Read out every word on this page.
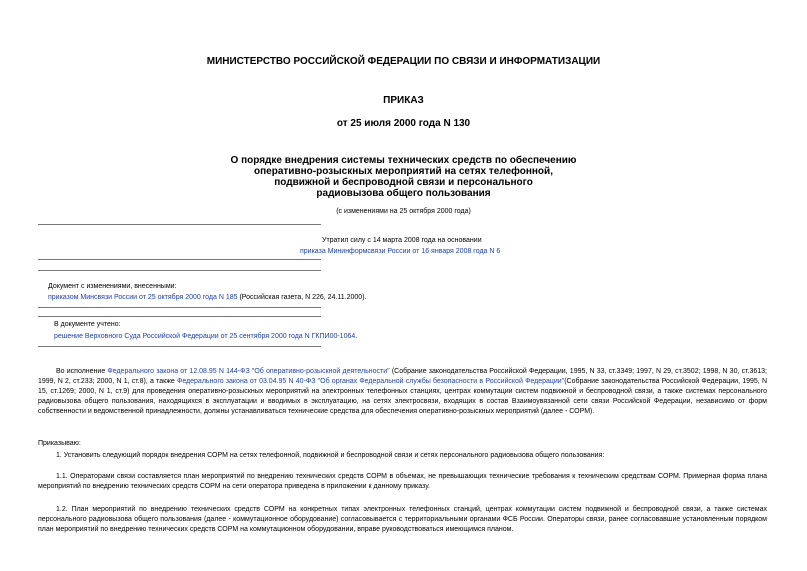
МИНИСТЕРСТВО РОССИЙСКОЙ ФЕДЕРАЦИИ ПО СВЯЗИ И ИНФОРМАТИЗАЦИИ
ПРИКАЗ
от 25 июля 2000 года N 130
О порядке внедрения системы технических средств по обеспечению
оперативно-розыскных мероприятий на сетях телефонной,
подвижной и беспроводной связи и персонального
радиовызова общего пользования
(с изменениями на 25 октября 2000 года)
Утратил силу с 14 марта 2008 года на основании
приказа Мининформсвязи России от 16 января 2008 года N 6
Документ с изменениями, внесенными:
приказом Минсвязи России от 25 октября 2000 года N 185 (Российская газета, N 226, 24.11.2000).
В документе учтено:
решение Верховного Суда Российской Федерации от 25 сентября 2000 года N ГКПИ00-1064.
Во исполнение Федерального закона от 12.08.95 N 144-ФЗ "Об оперативно-розыскной деятельности" (Собрание законодательства Российской Федерации, 1995, N 33, ст.3349; 1997, N 29, ст.3502; 1998, N 30, ст.3613; 1999, N 2, ст.233; 2000, N 1, ст.8), а также Федерального закона от 03.04.95 N 40-ФЗ "Об органах Федеральной службы безопасности в Российской Федерации"(Собрание законодательства Российской Федерации, 1995, N 15, ст.1269; 2000, N 1, ст.9) для проведения оперативно-розыскных мероприятий на электронных телефонных станциях, центрах коммутации систем подвижной и беспроводной связи, а также системах персонального радиовызова общего пользования, находящихся в эксплуатации и вводимых в эксплуатацию, на сетях электросвязи, входящих в состав Взаимоувязанной сети связи Российской Федерации, независимо от форм собственности и ведомственной принадлежности, должны устанавливаться технические средства для обеспечения оперативно-розыскных мероприятий (далее - СОРМ).
Приказываю:
1. Установить следующий порядок внедрения СОРМ на сетях телефонной, подвижной и беспроводной связи и сетях персонального радиовызова общего пользования:
1.1. Операторами связи составляется план мероприятий по внедрению технических средств СОРМ в объемах, не превышающих технические требования к техническим средствам СОРМ. Примерная форма плана мероприятий по внедрению технических средств СОРМ на сети оператора приведена в приложении к данному приказу.
1.2. План мероприятий по внедрению технических средств СОРМ на конкретных типах электронных телефонных станций, центрах коммутации систем подвижной и беспроводной связи, а также системах персонального радиовызова общего пользования (далее - коммутационное оборудование) согласовывается с территориальными органами ФСБ России. Операторы связи, ранее согласовавшие установленным порядком план мероприятий по внедрению технических средств СОРМ на коммутационном оборудовании, вправе руководствоваться имеющимся планом.
